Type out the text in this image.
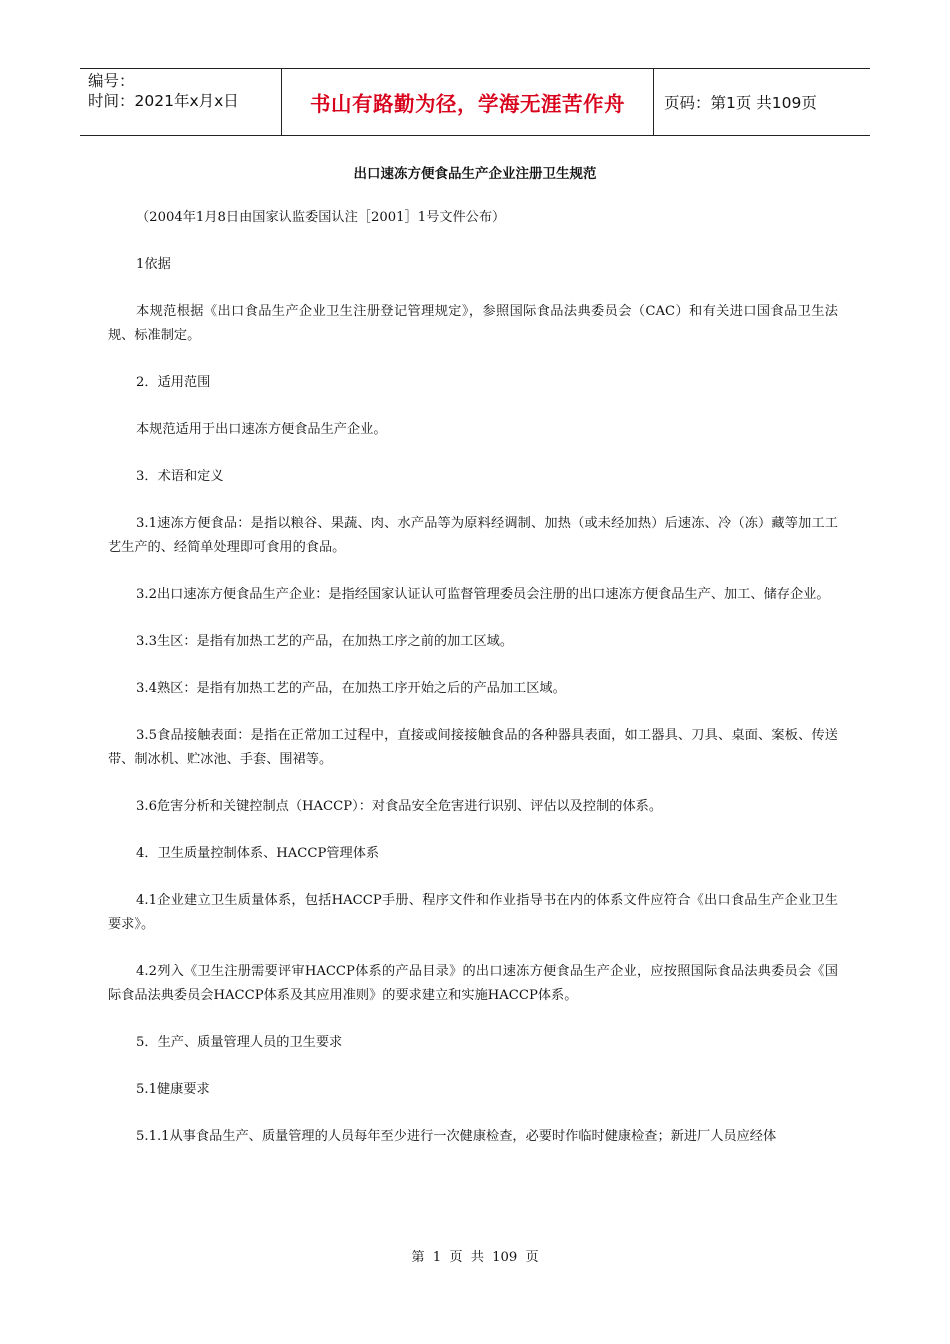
编号：
时间：2021年x月x日	书山有路勤为径，学海无涯苦作舟	页码：第1页 共109页
出口速冻方便食品生产企业注册卫生规范

（2004年1月8日由国家认监委国认注［2001］1号文件公布）

1依据

本规范根据《出口食品生产企业卫生注册登记管理规定》，参照国际食品法典委员会（CAC）和有关进口国食品卫生法规、标准制定。

2．适用范围

本规范适用于出口速冻方便食品生产企业。

3．术语和定义

3.1速冻方便食品：是指以粮谷、果蔬、肉、水产品等为原料经调制、加热（或未经加热）后速冻、冷（冻）藏等加工工艺生产的、经简单处理即可食用的食品。

3.2出口速冻方便食品生产企业：是指经国家认证认可监督管理委员会注册的出口速冻方便食品生产、加工、储存企业。

3.3生区：是指有加热工艺的产品，在加热工序之前的加工区域。

3.4熟区：是指有加热工艺的产品，在加热工序开始之后的产品加工区域。

3.5食品接触表面：是指在正常加工过程中，直接或间接接触食品的各种器具表面，如工器具、刀具、桌面、案板、传送带、制冰机、贮冰池、手套、围裙等。

3.6危害分析和关键控制点（HACCP）：对食品安全危害进行识别、评估以及控制的体系。

4．卫生质量控制体系、HACCP管理体系

4.1企业建立卫生质量体系，包括HACCP手册、程序文件和作业指导书在内的体系文件应符合《出口食品生产企业卫生要求》。

4.2列入《卫生注册需要评审HACCP体系的产品目录》的出口速冻方便食品生产企业，应按照国际食品法典委员会《国际食品法典委员会HACCP体系及其应用准则》的要求建立和实施HACCP体系。

5．生产、质量管理人员的卫生要求

5.1健康要求

5.1.1从事食品生产、质量管理的人员每年至少进行一次健康检查，必要时作临时健康检查；新进厂人员应经体

第 1 页 共 109 页
